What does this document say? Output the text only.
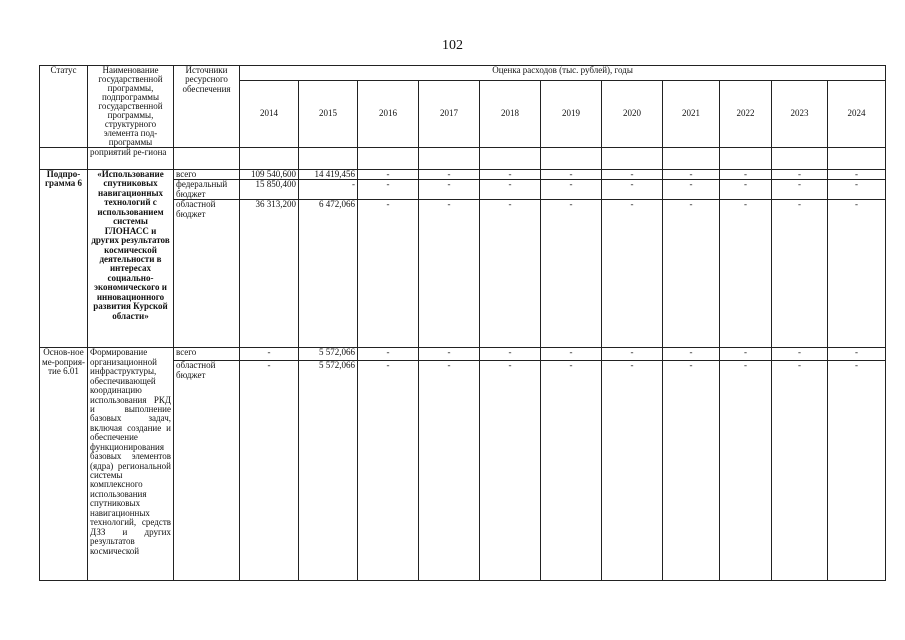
102
Статус	Наименование государственной программы, подпрограммы государственной программы, структурного элемента под-программы	Источники ресурсного обеспечения	Оценка расходов (тыс. рублей), годы										
			2014	2015	2016	2017	2018	2019	2020	2021	2022	2023	2024
	роприятий ре-гиона												
Подпро-грамма 6	«Использование спутниковых навигационных технологий с использованием системы ГЛОНАСС и других результатов космической деятельности в интересах социально-экономического и инновационного развития Курской области»	всего	109 540,600	14 419,456	-	-	-	-	-	-	-	-	-
		федеральный бюджет	15 850,400	-	-	-	-	-	-	-	-	-	-
		областной бюджет	36 313,200	6 472,066	-	-	-	-	-	-	-	-	-
Основ-ное ме-роприя-тие 6.01	Формирование организационной инфраструктуры, обеспечивающей координацию использования РКД и выполнение базовых задач, включая создание и обеспечение функционирования базовых элементов (ядра) региональной системы комплексного использования спутниковых навигационных технологий, средств ДЗЗ и других результатов космической	всего	-	5 572,066	-	-	-	-	-	-	-	-	-
		областной бюджет	-	5 572,066	-	-	-	-	-	-	-	-	-
